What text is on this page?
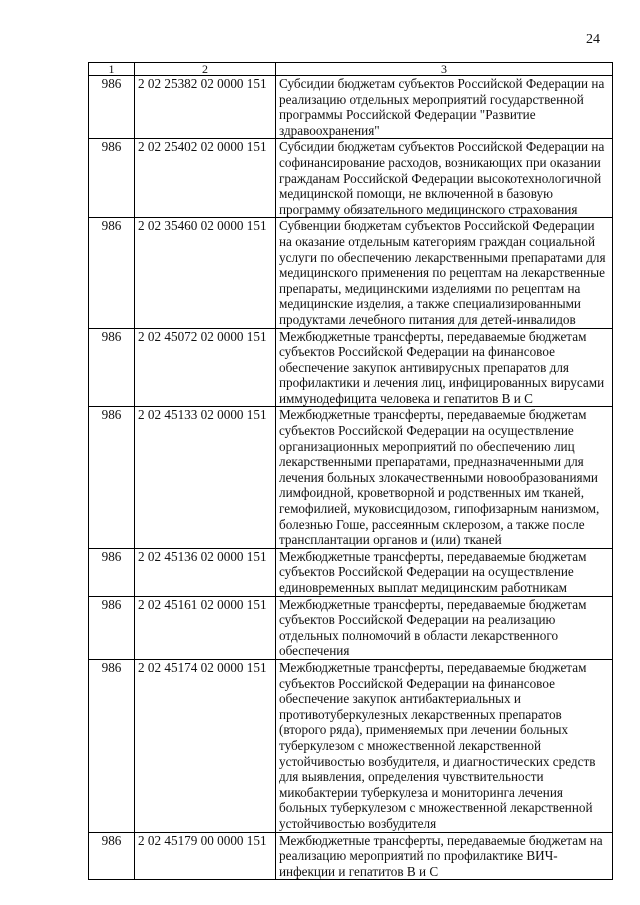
24
1	2	3
986	2 02 25382 02 0000 151	Субсидии бюджетам субъектов Российской Федерации на реализацию отдельных мероприятий государственной программы Российской Федерации "Развитие здравоохранения"
986	2 02 25402 02 0000 151	Субсидии бюджетам субъектов Российской Федерации на софинансирование расходов, возникающих при оказании гражданам Российской Федерации высокотехнологичной медицинской помощи, не включенной в базовую программу обязательного медицинского страхования
986	2 02 35460 02 0000 151	Субвенции бюджетам субъектов Российской Федерации на оказание отдельным категориям граждан социальной услуги по обеспечению лекарственными препаратами для медицинского применения по рецептам на лекарственные препараты, медицинскими изделиями по рецептам на медицинские изделия, а также специализированными продуктами лечебного питания для детей-инвалидов
986	2 02 45072 02 0000 151	Межбюджетные трансферты, передаваемые бюджетам субъектов Российской Федерации на финансовое обеспечение закупок антивирусных препаратов для профилактики и лечения лиц, инфицированных вирусами иммунодефицита человека и гепатитов В и С
986	2 02 45133 02 0000 151	Межбюджетные трансферты, передаваемые бюджетам субъектов Российской Федерации на осуществление организационных мероприятий по обеспечению лиц лекарственными препаратами, предназначенными для лечения больных злокачественными новообразованиями лимфоидной, кроветворной и родственных им тканей, гемофилией, муковисцидозом, гипофизарным нанизмом, болезнью Гоше, рассеянным склерозом, а также после трансплантации органов и (или) тканей
986	2 02 45136 02 0000 151	Межбюджетные трансферты, передаваемые бюджетам субъектов Российской Федерации на осуществление единовременных выплат медицинским работникам
986	2 02 45161 02 0000 151	Межбюджетные трансферты, передаваемые бюджетам субъектов Российской Федерации на реализацию отдельных полномочий в области лекарственного обеспечения
986	2 02 45174 02 0000 151	Межбюджетные трансферты, передаваемые бюджетам субъектов Российской Федерации на финансовое обеспечение закупок антибактериальных и противотуберкулезных лекарственных препаратов (второго ряда), применяемых при лечении больных туберкулезом с множественной лекарственной устойчивостью возбудителя, и диагностических средств для выявления, определения чувствительности микобактерии туберкулеза и мониторинга лечения больных туберкулезом с множественной лекарственной устойчивостью возбудителя
986	2 02 45179 00 0000 151	Межбюджетные трансферты, передаваемые бюджетам на реализацию мероприятий по профилактике ВИЧ-инфекции и гепатитов В и С
